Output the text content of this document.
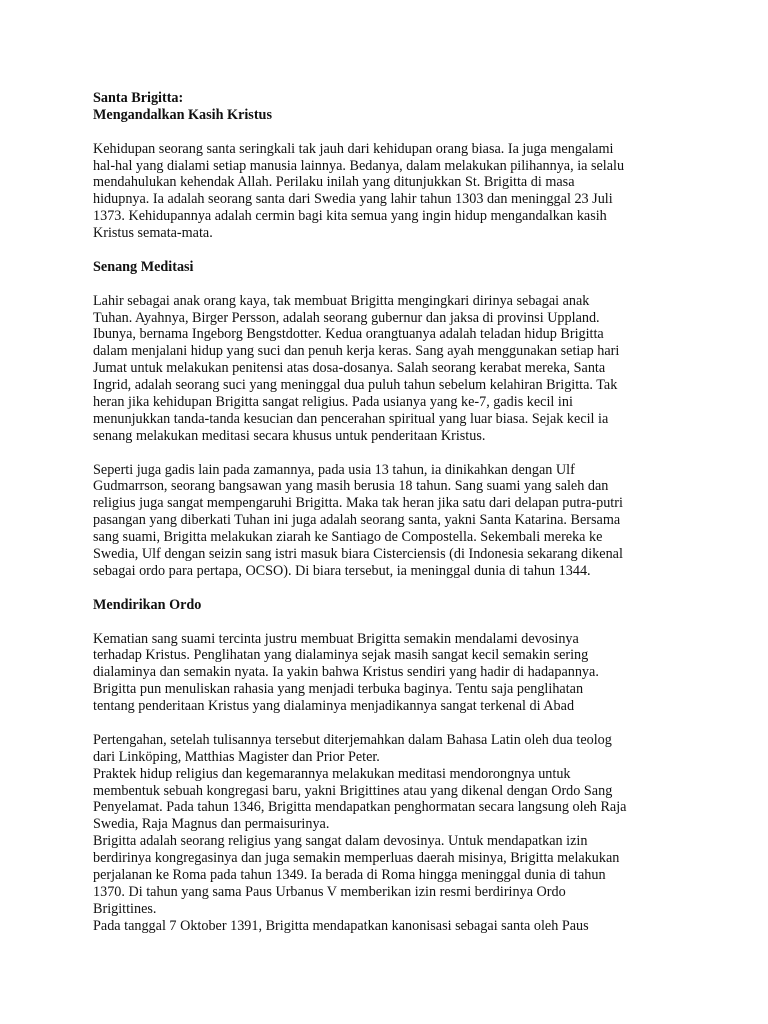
Santa Brigitta:
Mengandalkan Kasih Kristus
Kehidupan seorang santa seringkali tak jauh dari kehidupan orang biasa. Ia juga mengalami
hal-hal yang dialami setiap manusia lainnya. Bedanya, dalam melakukan pilihannya, ia selalu
mendahulukan kehendak Allah. Perilaku inilah yang ditunjukkan St. Brigitta di masa
hidupnya. Ia adalah seorang santa dari Swedia yang lahir tahun 1303 dan meninggal 23 Juli
1373. Kehidupannya adalah cermin bagi kita semua yang ingin hidup mengandalkan kasih
Kristus semata-mata.
Senang Meditasi
Lahir sebagai anak orang kaya, tak membuat Brigitta mengingkari dirinya sebagai anak
Tuhan. Ayahnya, Birger Persson, adalah seorang gubernur dan jaksa di provinsi Uppland.
Ibunya, bernama Ingeborg Bengstdotter. Kedua orangtuanya adalah teladan hidup Brigitta
dalam menjalani hidup yang suci dan penuh kerja keras. Sang ayah menggunakan setiap hari
Jumat untuk melakukan penitensi atas dosa-dosanya. Salah seorang kerabat mereka, Santa
Ingrid, adalah seorang suci yang meninggal dua puluh tahun sebelum kelahiran Brigitta. Tak
heran jika kehidupan Brigitta sangat religius. Pada usianya yang ke-7, gadis kecil ini
menunjukkan tanda-tanda kesucian dan pencerahan spiritual yang luar biasa. Sejak kecil ia
senang melakukan meditasi secara khusus untuk penderitaan Kristus.
Seperti juga gadis lain pada zamannya, pada usia 13 tahun, ia dinikahkan dengan Ulf
Gudmarrson, seorang bangsawan yang masih berusia 18 tahun. Sang suami yang saleh dan
religius juga sangat mempengaruhi Brigitta. Maka tak heran jika satu dari delapan putra-putri
pasangan yang diberkati Tuhan ini juga adalah seorang santa, yakni Santa Katarina. Bersama
sang suami, Brigitta melakukan ziarah ke Santiago de Compostella. Sekembali mereka ke
Swedia, Ulf dengan seizin sang istri masuk biara Cisterciensis (di Indonesia sekarang dikenal
sebagai ordo para pertapa, OCSO). Di biara tersebut, ia meninggal dunia di tahun 1344.
Mendirikan Ordo
Kematian sang suami tercinta justru membuat Brigitta semakin mendalami devosinya
terhadap Kristus. Penglihatan yang dialaminya sejak masih sangat kecil semakin sering
dialaminya dan semakin nyata. Ia yakin bahwa Kristus sendiri yang hadir di hadapannya.
Brigitta pun menuliskan rahasia yang menjadi terbuka baginya. Tentu saja penglihatan
tentang penderitaan Kristus yang dialaminya menjadikannya sangat terkenal di Abad
Pertengahan, setelah tulisannya tersebut diterjemahkan dalam Bahasa Latin oleh dua teolog
dari Linköping, Matthias Magister dan Prior Peter.
Praktek hidup religius dan kegemarannya melakukan meditasi mendorongnya untuk
membentuk sebuah kongregasi baru, yakni Brigittines atau yang dikenal dengan Ordo Sang
Penyelamat. Pada tahun 1346, Brigitta mendapatkan penghormatan secara langsung oleh Raja
Swedia, Raja Magnus dan permaisurinya.
Brigitta adalah seorang religius yang sangat dalam devosinya. Untuk mendapatkan izin
berdirinya kongregasinya dan juga semakin memperluas daerah misinya, Brigitta melakukan
perjalanan ke Roma pada tahun 1349. Ia berada di Roma hingga meninggal dunia di tahun
1370. Di tahun yang sama Paus Urbanus V memberikan izin resmi berdirinya Ordo
Brigittines.
Pada tanggal 7 Oktober 1391, Brigitta mendapatkan kanonisasi sebagai santa oleh Paus
